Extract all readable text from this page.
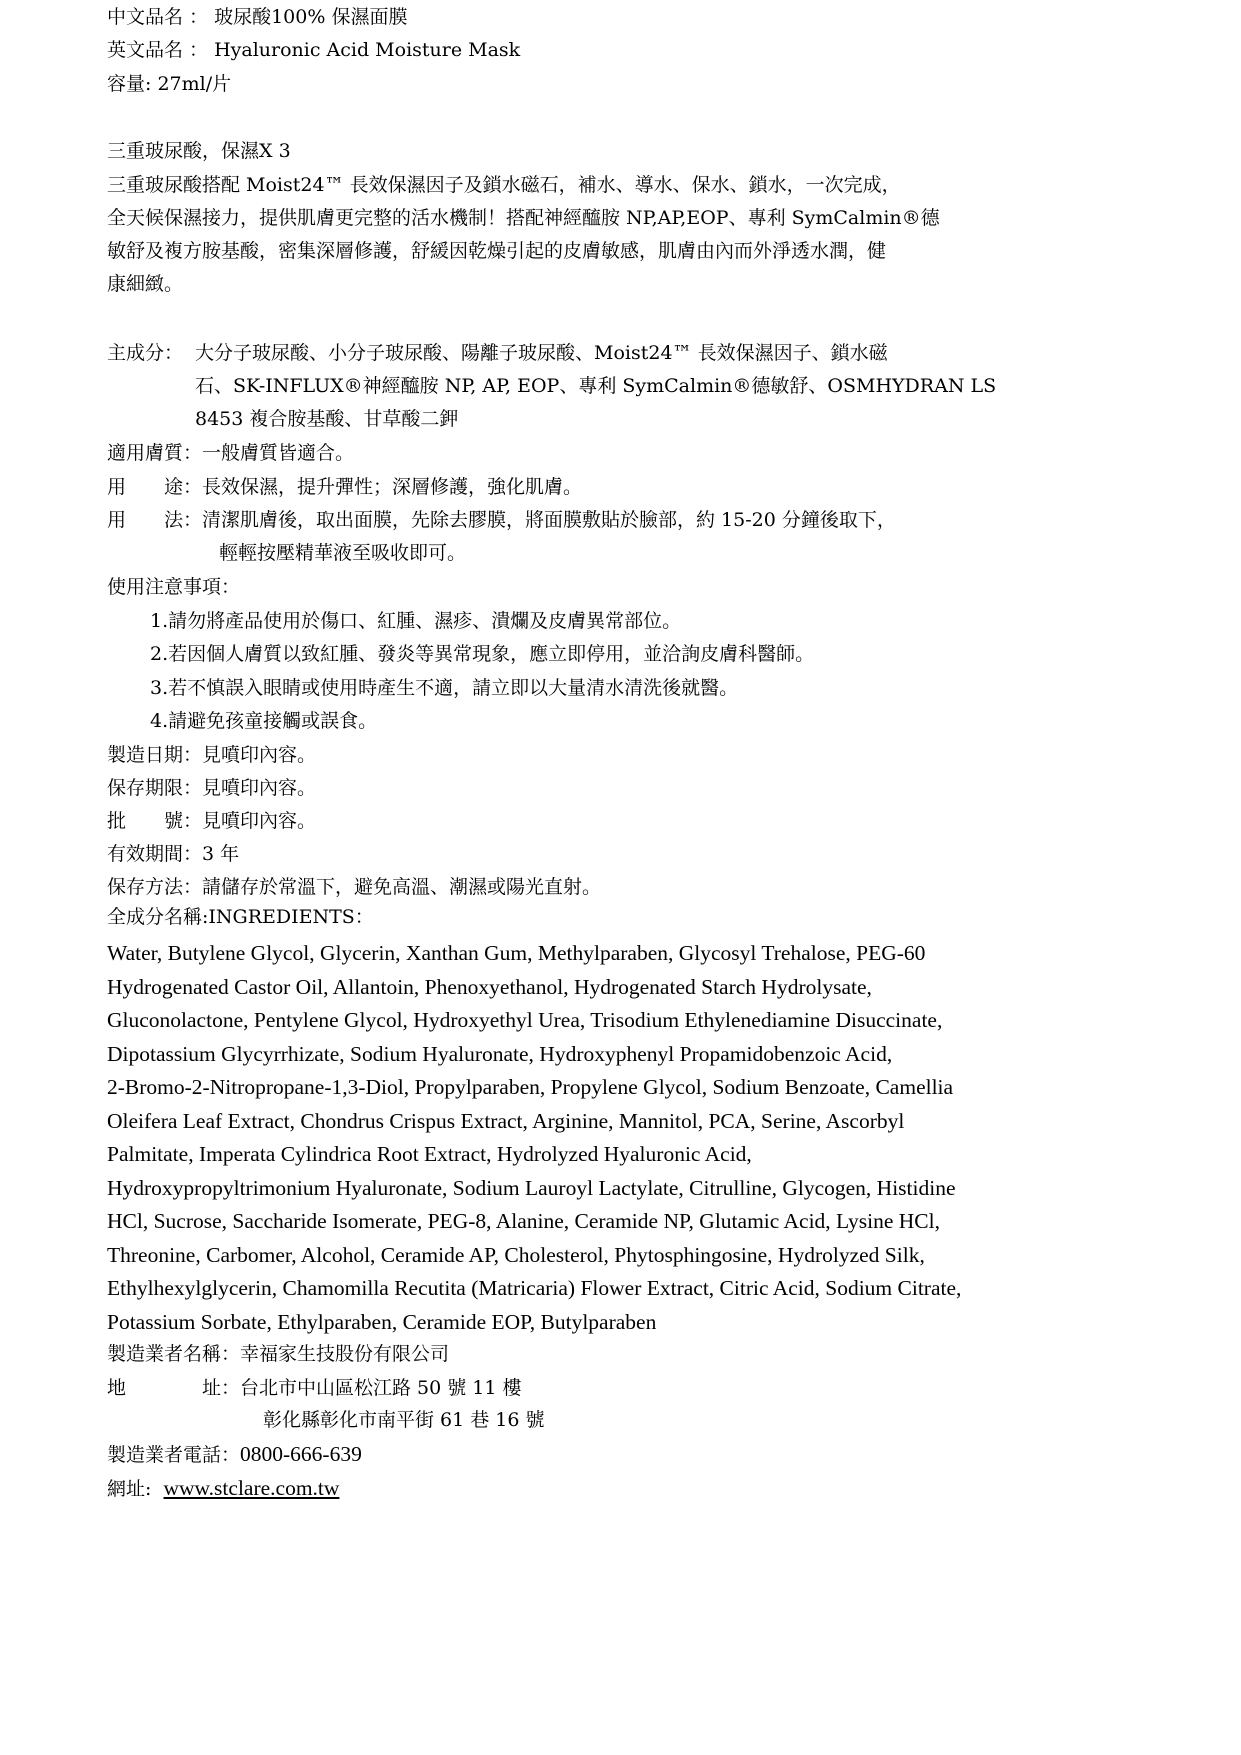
中文品名 ： 玻尿酸100% 保濕面膜
英文品名 ： Hyaluronic Acid Moisture Mask
容量: 27ml/片
三重玻尿酸，保濕X 3
三重玻尿酸搭配 Moist24™ 長效保濕因子及鎖水磁石，補水、導水、保水、鎖水，一次完成，
全天候保濕接力，提供肌膚更完整的活水機制！搭配神經醯胺 NP,AP,EOP、專利 SymCalmin®德
敏舒及複方胺基酸，密集深層修護，舒緩因乾燥引起的皮膚敏感，肌膚由內而外淨透水潤，健
康細緻。
主成分： 大分子玻尿酸、小分子玻尿酸、陽離子玻尿酸、Moist24™ 長效保濕因子、鎖水磁
石、SK-INFLUX®神經醯胺 NP, AP, EOP、專利 SymCalmin®德敏舒、OSMHYDRAN LS
8453 複合胺基酸、甘草酸二鉀
適用膚質：一般膚質皆適合。
用　　途：長效保濕，提升彈性；深層修護，強化肌膚。
用　　法：清潔肌膚後，取出面膜，先除去膠膜，將面膜敷貼於臉部，約 15-20 分鐘後取下，
輕輕按壓精華液至吸收即可。
使用注意事項：
1.請勿將產品使用於傷口、紅腫、濕疹、潰爛及皮膚異常部位。
2.若因個人膚質以致紅腫、發炎等異常現象，應立即停用，並洽詢皮膚科醫師。
3.若不慎誤入眼睛或使用時產生不適，請立即以大量清水清洗後就醫。
4.請避免孩童接觸或誤食。
製造日期：見噴印內容。
保存期限：見噴印內容。
批　　號：見噴印內容。
有效期間：3 年
保存方法：請儲存於常溫下，避免高溫、潮濕或陽光直射。
全成分名稱:INGREDIENTS：
Water, Butylene Glycol, Glycerin, Xanthan Gum, Methylparaben, Glycosyl Trehalose, PEG-60
Hydrogenated Castor Oil, Allantoin, Phenoxyethanol, Hydrogenated Starch Hydrolysate,
Gluconolactone, Pentylene Glycol, Hydroxyethyl Urea, Trisodium Ethylenediamine Disuccinate,
Dipotassium Glycyrrhizate, Sodium Hyaluronate, Hydroxyphenyl Propamidobenzoic Acid,
2-Bromo-2-Nitropropane-1,3-Diol, Propylparaben, Propylene Glycol, Sodium Benzoate, Camellia
Oleifera Leaf Extract, Chondrus Crispus Extract, Arginine, Mannitol, PCA, Serine, Ascorbyl
Palmitate, Imperata Cylindrica Root Extract, Hydrolyzed Hyaluronic Acid,
Hydroxypropyltrimonium Hyaluronate, Sodium Lauroyl Lactylate, Citrulline, Glycogen, Histidine
HCl, Sucrose, Saccharide Isomerate, PEG-8, Alanine, Ceramide NP, Glutamic Acid, Lysine HCl,
Threonine, Carbomer, Alcohol, Ceramide AP, Cholesterol, Phytosphingosine, Hydrolyzed Silk,
Ethylhexylglycerin, Chamomilla Recutita (Matricaria) Flower Extract, Citric Acid, Sodium Citrate,
Potassium Sorbate, Ethylparaben, Ceramide EOP, Butylparaben
製造業者名稱：幸福家生技股份有限公司
地　　　　址：台北市中山區松江路 50 號 11 樓
彰化縣彰化市南平街 61 巷 16 號
製造業者電話：0800-666-639
網址: www.stclare.com.tw
